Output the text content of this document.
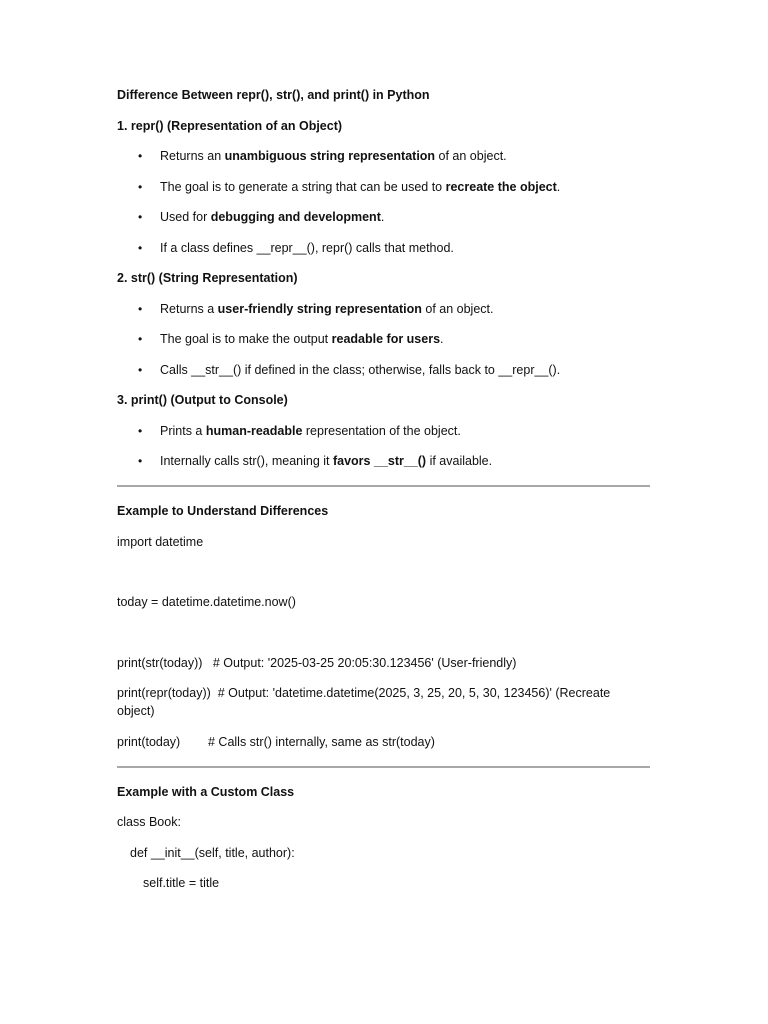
Difference Between repr(), str(), and print() in Python
1. repr() (Representation of an Object)
• Returns an unambiguous string representation of an object.
• The goal is to generate a string that can be used to recreate the object.
• Used for debugging and development.
• If a class defines __repr__(), repr() calls that method.
2. str() (String Representation)
• Returns a user-friendly string representation of an object.
• The goal is to make the output readable for users.
• Calls __str__() if defined in the class; otherwise, falls back to __repr__().
3. print() (Output to Console)
• Prints a human-readable representation of the object.
• Internally calls str(), meaning it favors __str__() if available.
Example to Understand Differences
import datetime
today = datetime.datetime.now()
print(str(today))   # Output: '2025-03-25 20:05:30.123456' (User-friendly)
print(repr(today))  # Output: 'datetime.datetime(2025, 3, 25, 20, 5, 30, 123456)' (Recreate object)
print(today)        # Calls str() internally, same as str(today)
Example with a Custom Class
class Book:
def __init__(self, title, author):
self.title = title
